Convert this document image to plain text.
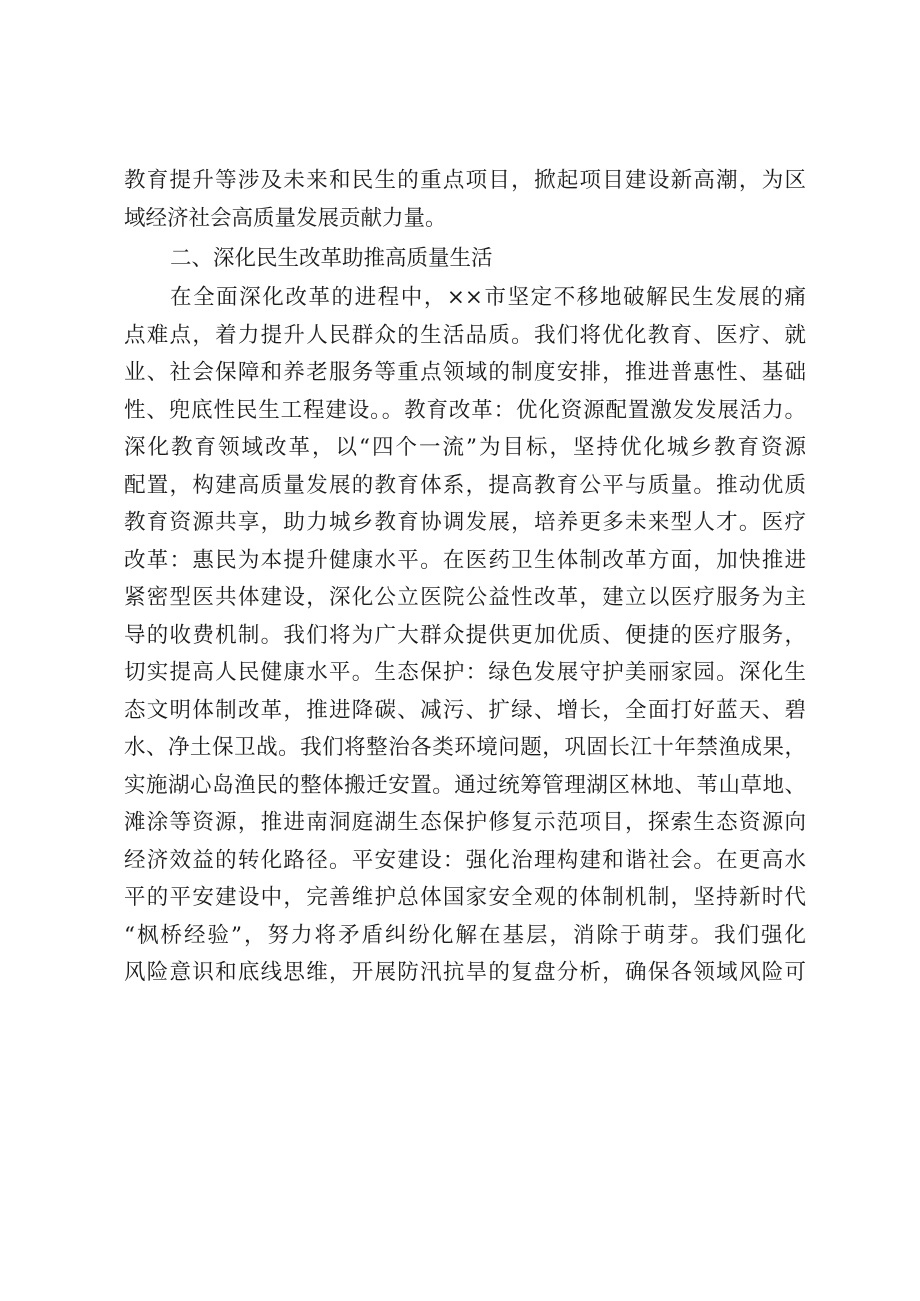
教育提升等涉及未来和民生的重点项目，掀起项目建设新高潮，为区
域经济社会高质量发展贡献力量。
二、深化民生改革助推高质量生活
在全面深化改革的进程中，××市坚定不移地破解民生发展的痛
点难点，着力提升人民群众的生活品质。我们将优化教育、医疗、就
业、社会保障和养老服务等重点领域的制度安排，推进普惠性、基础
性、兜底性民生工程建设。。教育改革：优化资源配置激发发展活力。
深化教育领域改革，以“四个一流”为目标，坚持优化城乡教育资源
配置，构建高质量发展的教育体系，提高教育公平与质量。推动优质
教育资源共享，助力城乡教育协调发展，培养更多未来型人才。医疗
改革：惠民为本提升健康水平。在医药卫生体制改革方面，加快推进
紧密型医共体建设，深化公立医院公益性改革，建立以医疗服务为主
导的收费机制。我们将为广大群众提供更加优质、便捷的医疗服务，
切实提高人民健康水平。生态保护：绿色发展守护美丽家园。深化生
态文明体制改革，推进降碳、减污、扩绿、增长，全面打好蓝天、碧
水、净土保卫战。我们将整治各类环境问题，巩固长江十年禁渔成果，
实施湖心岛渔民的整体搬迁安置。通过统筹管理湖区林地、苇山草地、
滩涂等资源，推进南洞庭湖生态保护修复示范项目，探索生态资源向
经济效益的转化路径。平安建设：强化治理构建和谐社会。在更高水
平的平安建设中，完善维护总体国家安全观的体制机制，坚持新时代
“枫桥经验”，努力将矛盾纠纷化解在基层，消除于萌芽。我们强化
风险意识和底线思维，开展防汛抗旱的复盘分析，确保各领域风险可
